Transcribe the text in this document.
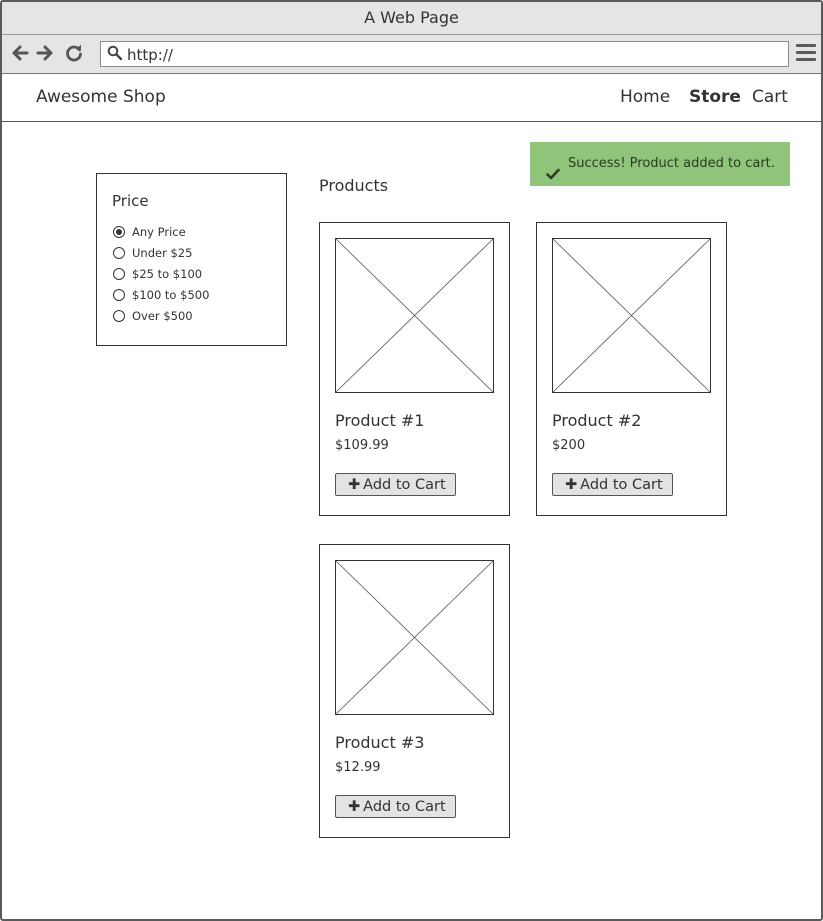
A Web Page
http://
Awesome Shop	Home Store Cart
Success! Product added to cart.
Price
Any Price
Under $25
$25 to $100
$100 to $500
Over $500
Products
Product #1
$109.99
✚ Add to Cart
Product #2
$200
✚ Add to Cart
Product #3
$12.99
✚ Add to Cart
